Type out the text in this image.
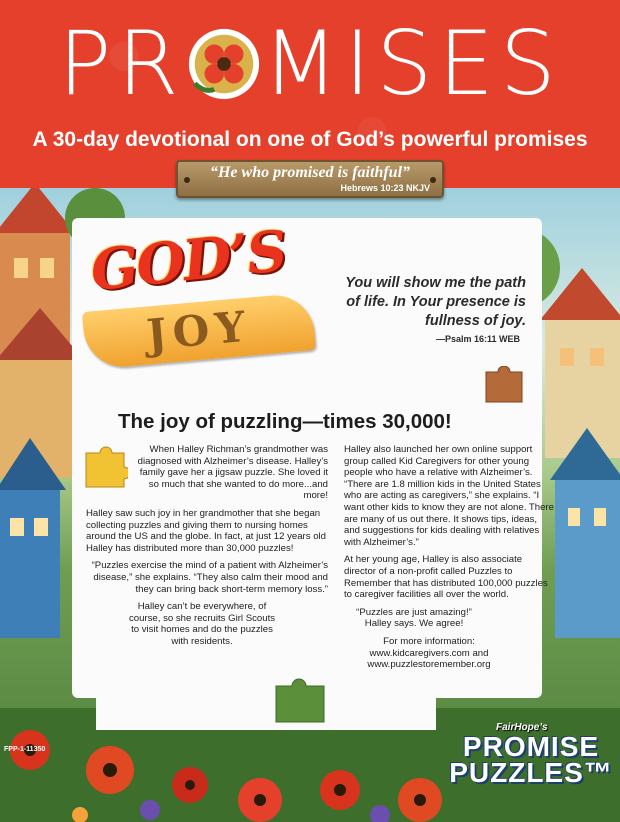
PR MISES
A 30-day devotional on one of God’s powerful promises
“He who promised is faithful”
Hebrews 10:23 NKJV
GOD’S
JOY
You will show me the path of life. In Your presence is fullness of joy.
—Psalm 16:11 WEB
The joy of puzzling—times 30,000!

When Halley Richman’s grandmother was diagnosed with Alzheimer’s disease. Halley’s family gave her a jigsaw puzzle. She loved it so much that she wanted to do more...and more!

Halley saw such joy in her grandmother that she began collecting puzzles and giving them to nursing homes around the US and the globe. In fact, at just 12 years old Halley has distributed more than 30,000 puzzles!

“Puzzles exercise the mind of a patient with Alzheimer’s disease,” she explains. “They also calm their mood and they can bring back short-term memory loss.”

Halley can’t be everywhere, of course, so she recruits Girl Scouts to visit homes and do the puzzles with residents.

Halley also launched her own online support group called Kid Caregivers for other young people who have a relative with Alzheimer’s. “There are 1.8 million kids in the United States who are acting as caregivers,” she explains. “I want other kids to know they are not alone. There are many of us out there. It shows tips, ideas, and suggestions for kids dealing with relatives with Alzheimer’s.”

At her young age, Halley is also associate director of a non-profit called Puzzles to Remember that has distributed 100,000 puzzles to caregiver facilities all over the world.

“Puzzles are just amazing!” Halley says. We agree!

For more information:

www.kidcaregivers.com and

www.puzzlestoremember.org

FPP-1-11350
FairHope’s
PROMISE
PUZZLES™
